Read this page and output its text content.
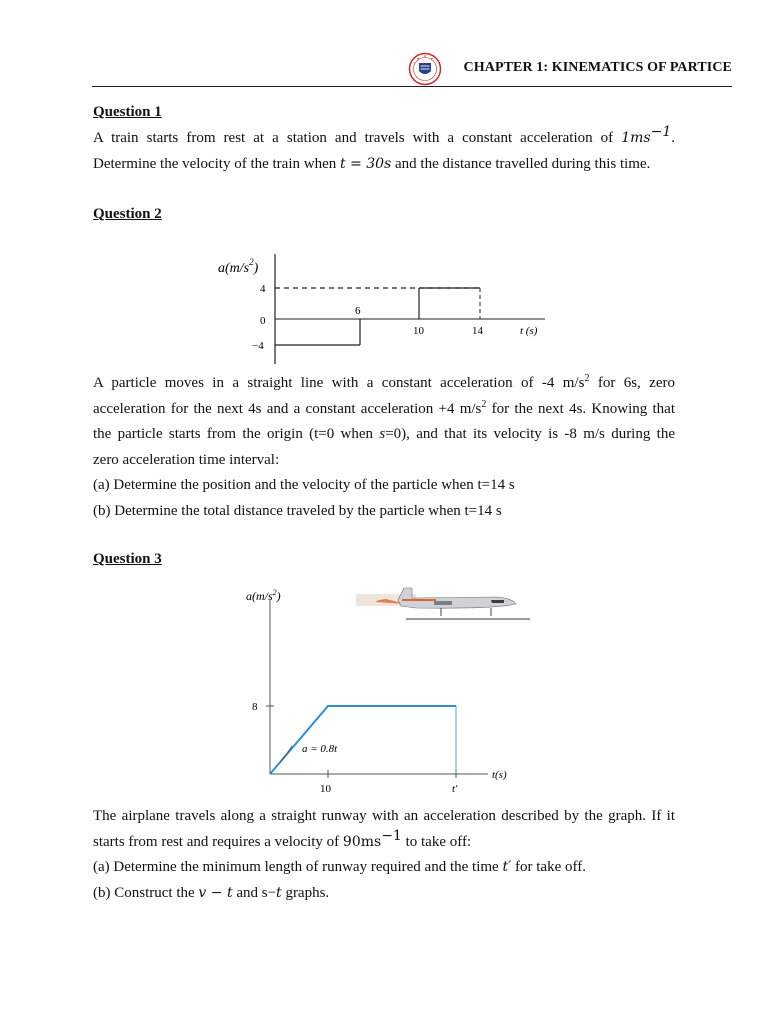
CHAPTER 1: KINEMATICS OF PARTICE
Question 1
A train starts from rest at a station and travels with a constant acceleration of $1ms^{-1}$.
Determine the velocity of the train when t = 30s and the distance travelled during this time.
Question 2
$a(m/s^2)$
4
0
−4
6
10	14	t (s)
A particle moves in a straight line with a constant acceleration of -4 $m/s^2$ for 6s, zero
acceleration for the next 4s and a constant acceleration +4 $m/s^2$ for the next 4s. Knowing that
the particle starts from the origin (t=0 when s=0), and that its velocity is -8 m/s during the
zero acceleration time interval:
(a) Determine the position and the velocity of the particle when t=14 s
(b) Determine the total distance traveled by the particle when t=14 s
Question 3
$a(m/s^2)$
8
10	t′
t(s)
a = 0.8t
The airplane travels along a straight runway with an acceleration described by the graph. If it
starts from rest and requires a velocity of $90ms^{-1}$ to take off:
(a) Determine the minimum length of runway required and the time t′ for take off.
(b) Construct the v − t and s−t graphs.
